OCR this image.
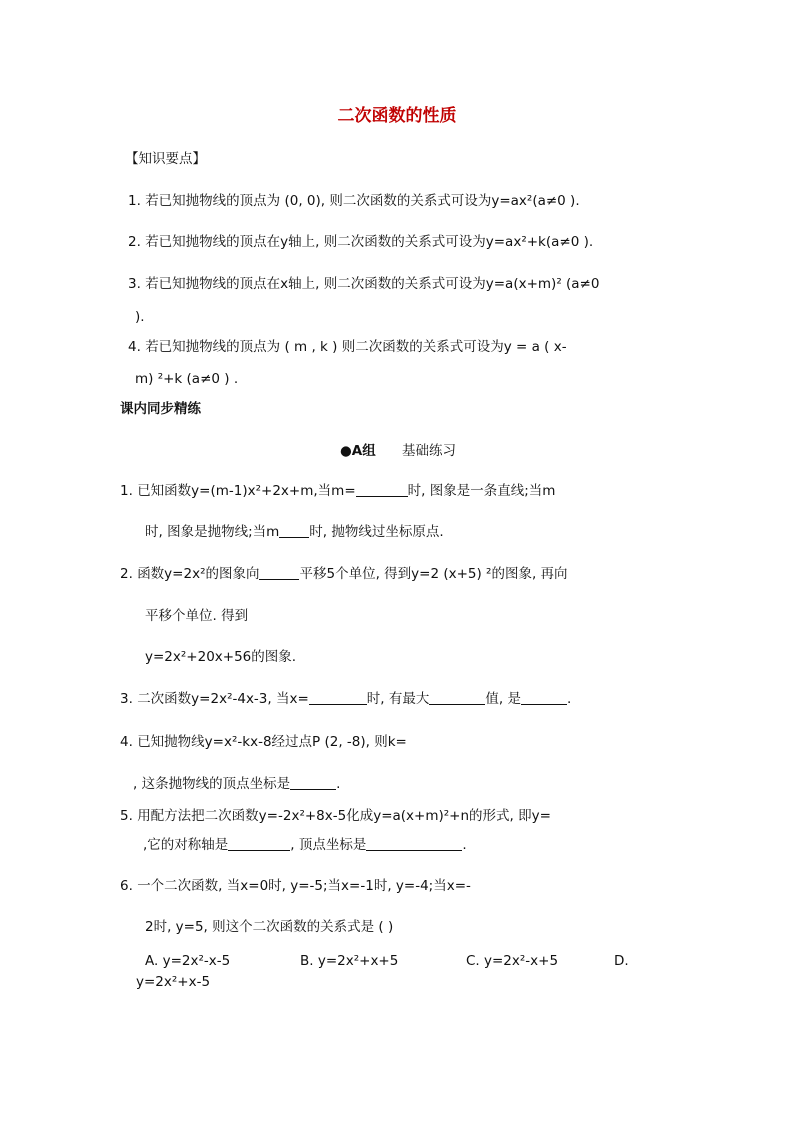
二次函数的性质
【知识要点】
1. 若已知抛物线的顶点为 (0, 0), 则二次函数的关系式可设为y=ax²(a≠0 ).
2. 若已知抛物线的顶点在y轴上, 则二次函数的关系式可设为y=ax²+k(a≠0 ).
3. 若已知抛物线的顶点在x轴上, 则二次函数的关系式可设为y=a(x+m)² (a≠0
).
4. 若已知抛物线的顶点为 ( m , k ) 则二次函数的关系式可设为y = a ( x-
m) ²+k (a≠0 ) .
课内同步精练
●A组 基础练习
1. 已知函数y=(m-1)x²+2x+m,当m=	时, 图象是一条直线;当m
时, 图象是抛物线;当m 时, 抛物线过坐标原点.
2. 函数y=2x²的图象向	平移5个单位, 得到y=2 (x+5) ²的图象, 再向
平移个单位. 得到
y=2x²+20x+56的图象.
3. 二次函数y=2x²-4x-3, 当x=	时, 有最大	值, 是	.
4. 已知抛物线y=x²-kx-8经过点P (2, -8), 则k=
, 这条抛物线的顶点坐标是	.
5. 用配方法把二次函数y=-2x²+8x-5化成y=a(x+m)²+n的形式, 即y=
,它的对称轴是	, 顶点坐标是	.
6. 一个二次函数, 当x=0时, y=-5;当x=-1时, y=-4;当x=-
2时, y=5, 则这个二次函数的关系式是 ( )
A. y=2x²-x-5	B. y=2x²+x+5	C. y=2x²-x+5	D.
y=2x²+x-5
